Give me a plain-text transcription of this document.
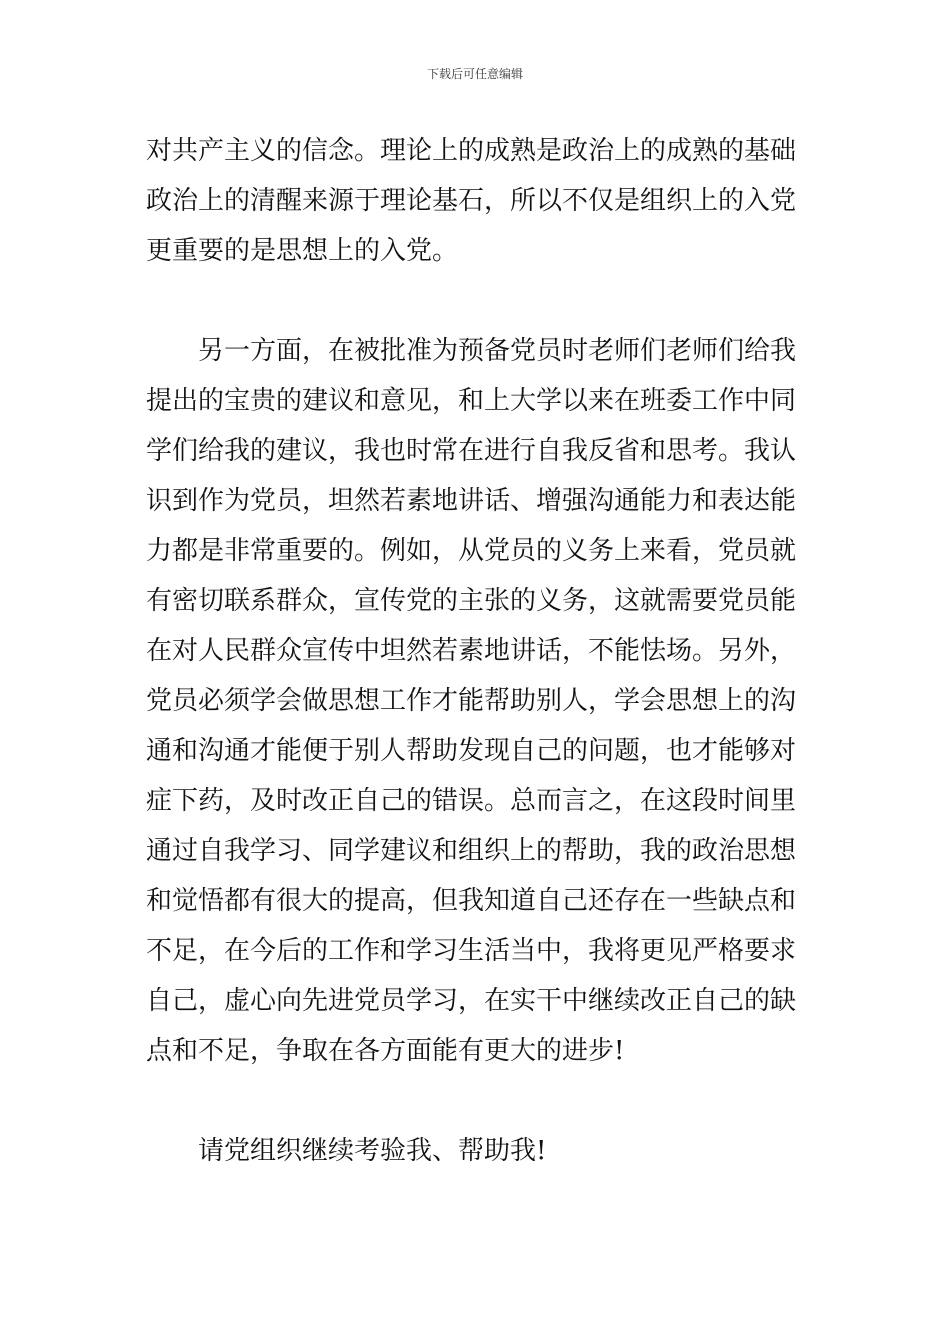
下载后可任意编辑
对共产主义的信念。理论上的成熟是政治上的成熟的基础
政治上的清醒来源于理论基石，所以不仅是组织上的入党
更重要的是思想上的入党。
另一方面，在被批准为预备党员时老师们老师们给我
提出的宝贵的建议和意见，和上大学以来在班委工作中同
学们给我的建议，我也时常在进行自我反省和思考。我认
识到作为党员，坦然若素地讲话、增强沟通能力和表达能
力都是非常重要的。例如，从党员的义务上来看，党员就
有密切联系群众，宣传党的主张的义务，这就需要党员能
在对人民群众宣传中坦然若素地讲话，不能怯场。另外，
党员必须学会做思想工作才能帮助别人，学会思想上的沟
通和沟通才能便于别人帮助发现自己的问题，也才能够对
症下药，及时改正自己的错误。总而言之，在这段时间里
通过自我学习、同学建议和组织上的帮助，我的政治思想
和觉悟都有很大的提高，但我知道自己还存在一些缺点和
不足，在今后的工作和学习生活当中，我将更见严格要求
自己，虚心向先进党员学习，在实干中继续改正自己的缺
点和不足，争取在各方面能有更大的进步!
请党组织继续考验我、帮助我!
